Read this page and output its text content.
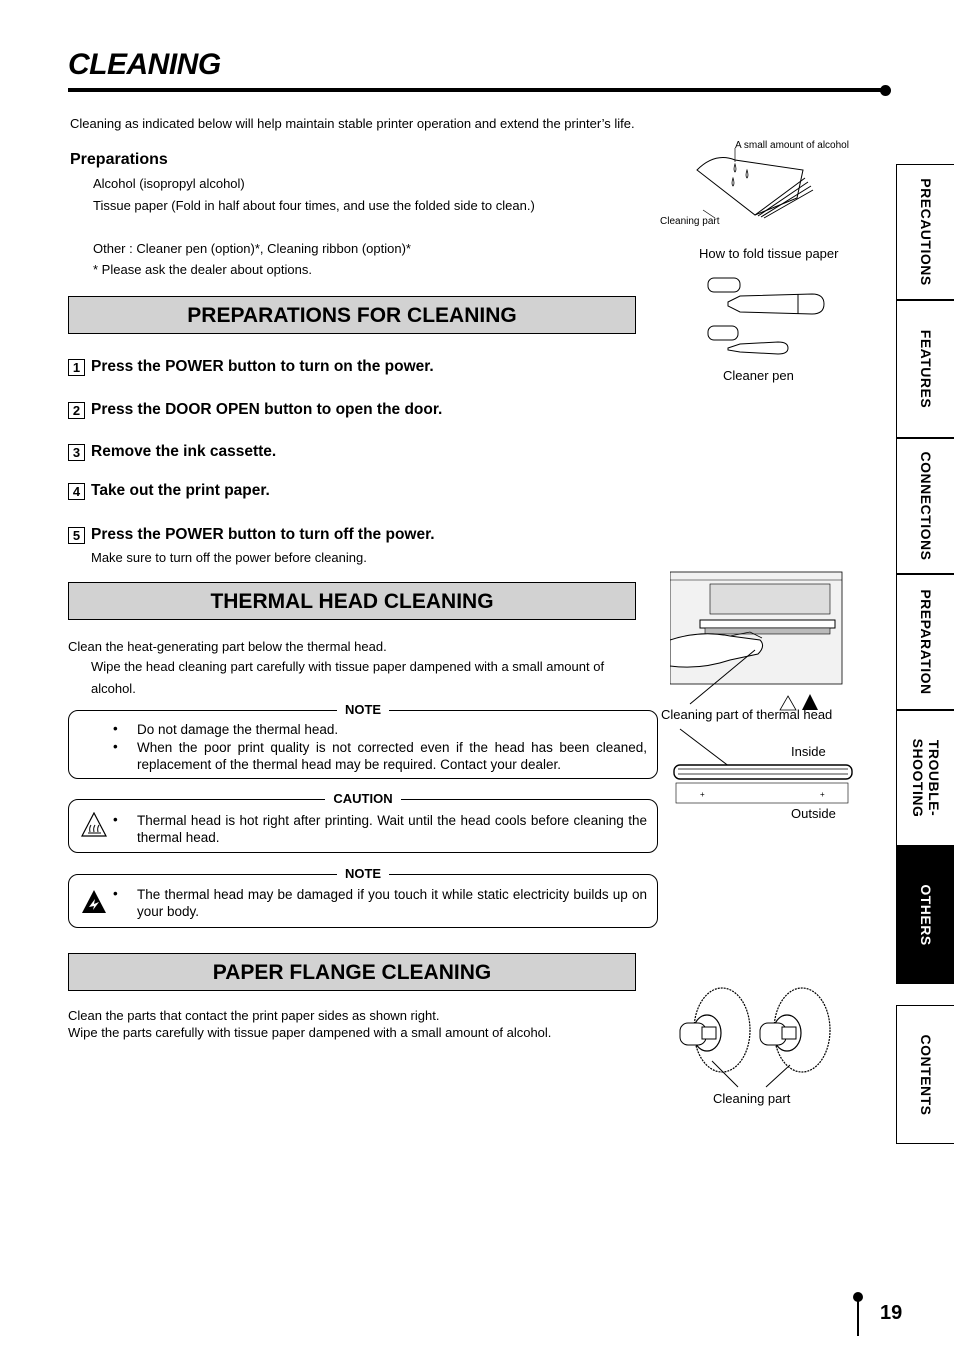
CLEANING
Cleaning as indicated below will help maintain stable printer operation and extend the printer’s life.
Preparations
Alcohol (isopropyl alcohol)
Tissue paper (Fold in half about four times, and use the folded side to clean.)
Other : Cleaner pen (option)*, Cleaning ribbon (option)*
* Please ask the dealer about options.
A small amount of alcohol
Cleaning part
How to fold tissue paper
Cleaner pen
PREPARATIONS FOR CLEANING
1 Press the POWER button to turn on the power.
2 Press the DOOR OPEN button to open the door.
3 Remove the ink cassette.
4 Take out the print paper.
5 Press the POWER button to turn off the power.
Make sure to turn off the power before cleaning.
THERMAL HEAD CLEANING
Clean the heat-generating part below the thermal head.
Wipe the head cleaning part carefully with tissue paper dampened with a small amount of
alcohol.
NOTE
• Do not damage the thermal head.
• When the poor print quality is not corrected even if the head has been cleaned, replacement of the thermal head may be required. Contact your dealer.
CAUTION
• Thermal head is hot right after printing. Wait until the head cools before cleaning the thermal head.
NOTE
• The thermal head may be damaged if you touch it while static electricity builds up on your body.
Cleaning part of thermal head
+	+
Inside
Outside
PAPER FLANGE CLEANING
Clean the parts that contact the print paper sides as shown right.
Wipe the parts carefully with tissue paper dampened with a small amount of alcohol.
Cleaning part
PRECAUTIONS
FEATURES
CONNECTIONS
PREPARATION
TROUBLE-
SHOOTING
OTHERS
CONTENTS
19
